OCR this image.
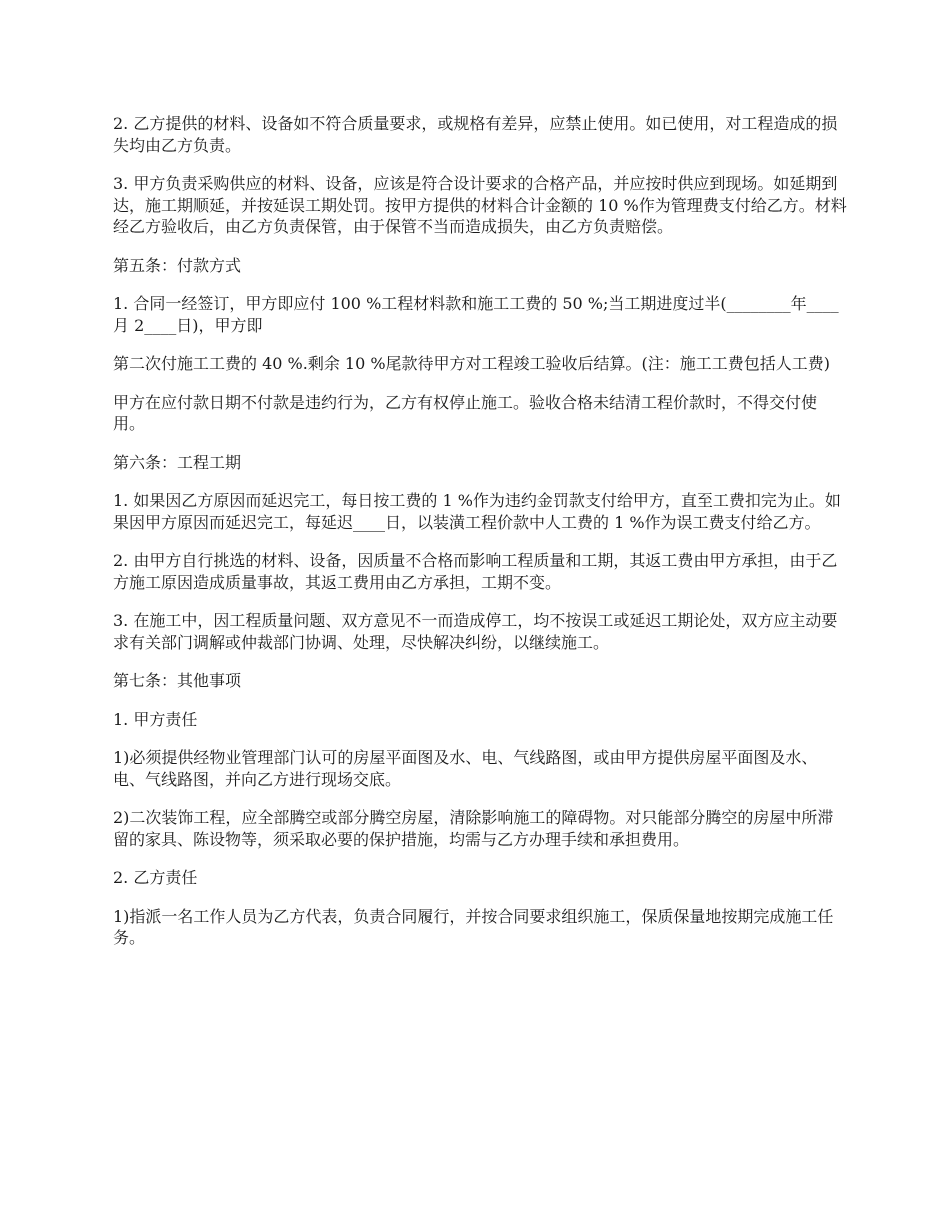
2. 乙方提供的材料、设备如不符合质量要求，或规格有差异，应禁止使用。如已使用，对工程造成的损失均由乙方负责。

3. 甲方负责采购供应的材料、设备，应该是符合设计要求的合格产品，并应按时供应到现场。如延期到达，施工期顺延，并按延误工期处罚。按甲方提供的材料合计金额的 10 %作为管理费支付给乙方。材料经乙方验收后，由乙方负责保管，由于保管不当而造成损失，由乙方负责赔偿。

第五条：付款方式

1. 合同一经签订，甲方即应付 100 %工程材料款和施工工费的 50 %;当工期进度过半(________年____月 2____日)，甲方即

第二次付施工工费的 40 %.剩余 10 %尾款待甲方对工程竣工验收后结算。(注：施工工费包括人工费)

甲方在应付款日期不付款是违约行为，乙方有权停止施工。验收合格未结清工程价款时，不得交付使用。

第六条：工程工期

1. 如果因乙方原因而延迟完工，每日按工费的 1 %作为违约金罚款支付给甲方，直至工费扣完为止。如果因甲方原因而延迟完工，每延迟____日，以装潢工程价款中人工费的 1 %作为误工费支付给乙方。

2. 由甲方自行挑选的材料、设备，因质量不合格而影响工程质量和工期，其返工费由甲方承担，由于乙方施工原因造成质量事故，其返工费用由乙方承担，工期不变。

3. 在施工中，因工程质量问题、双方意见不一而造成停工，均不按误工或延迟工期论处，双方应主动要求有关部门调解或仲裁部门协调、处理，尽快解决纠纷，以继续施工。

第七条：其他事项

1. 甲方责任

1)必须提供经物业管理部门认可的房屋平面图及水、电、气线路图，或由甲方提供房屋平面图及水、电、气线路图，并向乙方进行现场交底。

2)二次装饰工程，应全部腾空或部分腾空房屋，清除影响施工的障碍物。对只能部分腾空的房屋中所滞留的家具、陈设物等，须采取必要的保护措施，均需与乙方办理手续和承担费用。

2. 乙方责任

1)指派一名工作人员为乙方代表，负责合同履行，并按合同要求组织施工，保质保量地按期完成施工任务。
